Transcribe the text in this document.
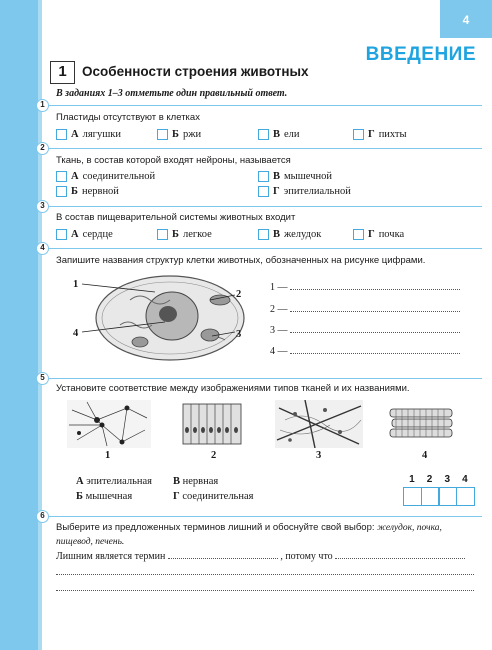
4
ВВЕДЕНИЕ
1	Особенности строения животных
В заданиях 1–3 отметьте один правильный ответ.
1
Пластиды отсутствуют в клетках
А лягушки	Б ржи	В ели	Г пихты
2
Ткань, в состав которой входят нейроны, называется
А соединительной
Б нервной
В мышечной
Г эпителиальной
3
В состав пищеварительной системы животных входит
А сердце	Б легкое	В желудок	Г почка
4
Запишите названия структур клетки животных, обозначенных на рисунке цифрами.
1
2
3
4
1 —
2 —
3 —
4 —
5
Установите соответствие между изображениями типов тканей и их названиями.
1	2	3	4
А эпителиальная
Б мышечная
В нервная
Г соединительная
1	2	3	4
6
Выберите из предложенных терминов лишний и обоснуйте свой выбор: желудок, почка, пищевод, печень.
Лишним является термин	, потому что
